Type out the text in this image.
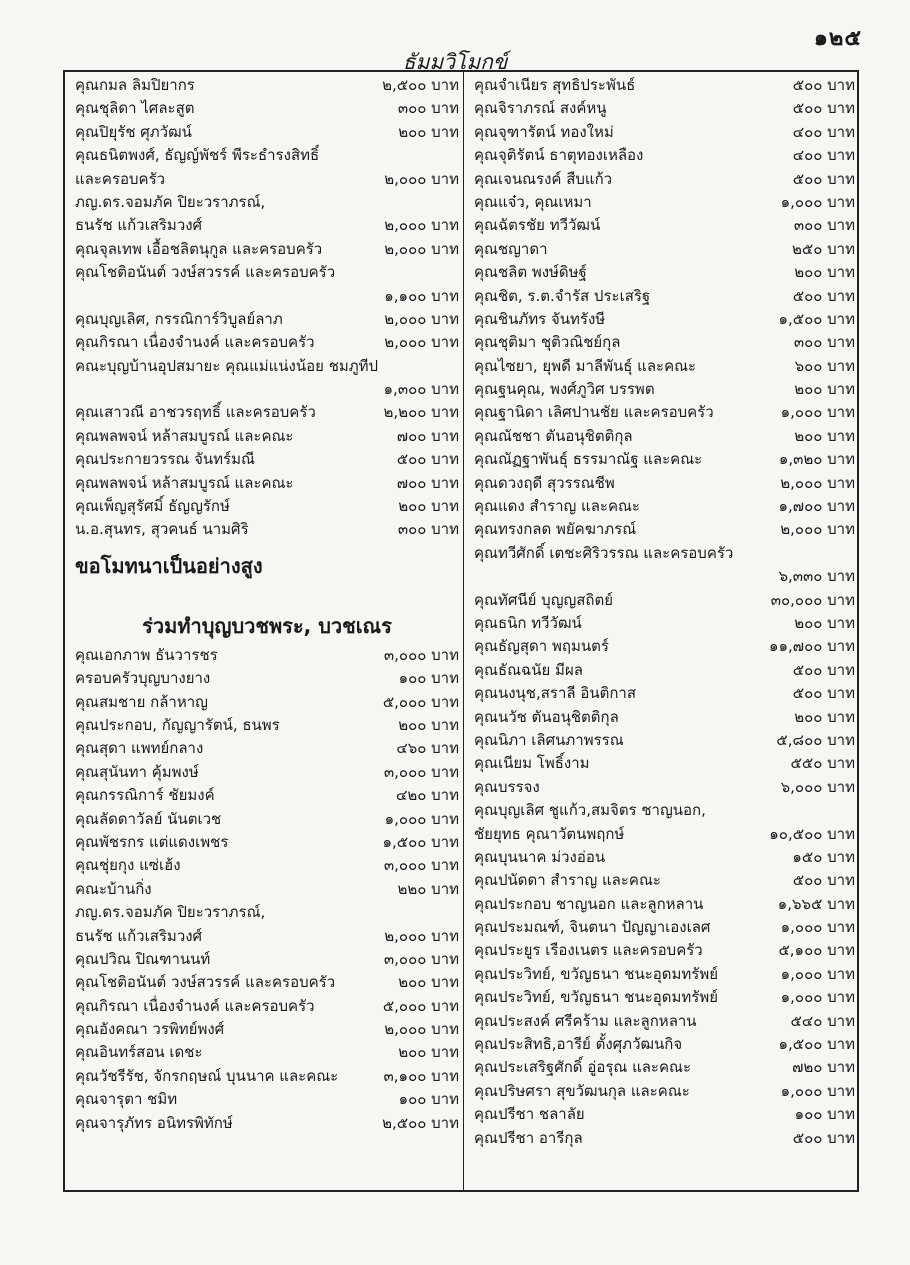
๑๒๕
ธัมมวิโมกข์
คุณกมล ลิมปิยากร	๒,๕๐๐ บาท
คุณชุลิดา ไศละสูต	๓๐๐ บาท
คุณปิยุรัช ศุภวัฒน์	๒๐๐ บาท
คุณธนิตพงศ์, ธัญญ์พัชร์ พีระธำรงสิทธิ์
และครอบครัว	๒,๐๐๐ บาท
ภญ.ดร.จอมภัค ปิยะวราภรณ์,
ธนรัช แก้วเสริมวงศ์	๒,๐๐๐ บาท
คุณจุลเทพ เอื้อชลิตนุกูล และครอบครัว	๒,๐๐๐ บาท
คุณโชติอนันต์ วงษ์สวรรค์ และครอบครัว
๑,๑๐๐ บาท
คุณบุญเลิศ, กรรณิการ์วิบูลย์ลาภ	๒,๐๐๐ บาท
คุณกิรณา เนื่องจำนงค์ และครอบครัว	๒,๐๐๐ บาท
คณะบุญบ้านอุปสมายะ คุณแม่แน่งน้อย ชมภูทีป
๑,๓๐๐ บาท
คุณเสาวณี อาชวรฤทธิ์ และครอบครัว	๒,๒๐๐ บาท
คุณพลพจน์ หล้าสมบูรณ์ และคณะ	๗๐๐ บาท
คุณประกายวรรณ จันทร์มณี	๕๐๐ บาท
คุณพลพจน์ หล้าสมบูรณ์ และคณะ	๗๐๐ บาท
คุณเพ็ญสุรัศมิ์ ธัญญรักษ์	๒๐๐ บาท
น.อ.สุนทร, สุวคนธ์ นามศิริ	๓๐๐ บาท
ขอโมทนาเป็นอย่างสูง
ร่วมทำบุญบวชพระ, บวชเณร
คุณเอกภาพ ธันวารชร	๓,๐๐๐ บาท
ครอบครัวบุญบางยาง	๑๐๐ บาท
คุณสมชาย กล้าหาญ	๕,๐๐๐ บาท
คุณประกอบ, กัญญารัตน์, ธนพร	๒๐๐ บาท
คุณสุดา แพทย์กลาง	๔๖๐ บาท
คุณสุนันทา คุ้มพงษ์	๓,๐๐๐ บาท
คุณกรรณิการ์ ชัยมงค์	๔๒๐ บาท
คุณลัดดาวัลย์ นันตเวช	๑,๐๐๐ บาท
คุณพัชรกร แต่แดงเพชร	๑,๕๐๐ บาท
คุณชุ่ยกุง แซ่เฮ้ง	๓,๐๐๐ บาท
คณะบ้านกิ่ง	๒๒๐ บาท
ภญ.ดร.จอมภัค ปิยะวราภรณ์,
ธนรัช แก้วเสริมวงศ์	๒,๐๐๐ บาท
คุณปวิณ ปิณฑานนท์	๓,๐๐๐ บาท
คุณโชติอนันต์ วงษ์สวรรค์ และครอบครัว	๒๐๐ บาท
คุณกิรณา เนื่องจำนงค์ และครอบครัว	๕,๐๐๐ บาท
คุณอังคณา วรพิทย์พงศ์	๒,๐๐๐ บาท
คุณอินทร์สอน เดชะ	๒๐๐ บาท
คุณวัชรีรัช, จักรกฤษณ์ บุนนาค และคณะ	๓,๑๐๐ บาท
คุณจารุตา ชมิท	๑๐๐ บาท
คุณจารุภัทร อนิทรพิทักษ์	๒,๕๐๐ บาท
คุณจำเนียร สุทธิประพันธ์	๕๐๐ บาท
คุณจิราภรณ์ สงค์หนู	๕๐๐ บาท
คุณจุฑารัตน์ ทองใหม่	๔๐๐ บาท
คุณจุติรัตน์ ธาตุทองเหลือง	๔๐๐ บาท
คุณเจนณรงค์ สืบแก้ว	๕๐๐ บาท
คุณแจ๋ว, คุณเหมา	๑,๐๐๐ บาท
คุณฉัตรชัย ทวีวัฒน์	๓๐๐ บาท
คุณชญาดา	๒๕๐ บาท
คุณชลิต พงษ์ดิษฐ์	๒๐๐ บาท
คุณชิต, ร.ต.จำรัส ประเสริฐ	๕๐๐ บาท
คุณชินภัทร จันทรังษี	๑,๕๐๐ บาท
คุณชุติมา ชุติวณิชย์กุล	๓๐๐ บาท
คุณไซยา, ยุพดี มาลีพันธุ์ และคณะ	๖๐๐ บาท
คุณฐนคุณ, พงศ์ภูวิศ บรรพต	๒๐๐ บาท
คุณฐานิดา เลิศปานชัย และครอบครัว	๑,๐๐๐ บาท
คุณณัชชา ตันอนุชิตติกุล	๒๐๐ บาท
คุณณัฏฐาพันธุ์ ธรรมาณัฐ และคณะ	๑,๓๒๐ บาท
คุณดวงฤดี สุวรรณชีพ	๒,๐๐๐ บาท
คุณแดง สำราญ และคณะ	๑,๗๐๐ บาท
คุณทรงกลด พยัคฆาภรณ์	๒,๐๐๐ บาท
คุณทวีศักดิ์ เตชะศิริวรรณ และครอบครัว
๖,๓๓๐ บาท
คุณทัศนีย์ บุญญสถิตย์	๓๐,๐๐๐ บาท
คุณธนิก ทวีวัฒน์	๒๐๐ บาท
คุณธัญสุดา พฤมนตร์	๑๑,๗๐๐ บาท
คุณธัณฉนัย มีผล	๕๐๐ บาท
คุณนงนุช,สราลี อินติกาส	๕๐๐ บาท
คุณนวัช ตันอนุชิตติกุล	๒๐๐ บาท
คุณนิภา เลิศนภาพรรณ	๕,๘๐๐ บาท
คุณเนียม โพธิ์งาม	๕๕๐ บาท
คุณบรรจง	๖,๐๐๐ บาท
คุณบุญเลิศ ชูแก้ว,สมจิตร ชาญนอก,
ชัยยุทธ คุณาวัตนพฤกษ์	๑๐,๕๐๐ บาท
คุณบุนนาค ม่วงอ่อน	๑๕๐ บาท
คุณปนัดดา สำราญ และคณะ	๕๐๐ บาท
คุณประกอบ ชาญนอก และลูกหลาน	๑,๖๖๕ บาท
คุณประมณฑ์, จินตนา ปัญญาเองเลศ	๑,๐๐๐ บาท
คุณประยูร เรืองเนตร และครอบครัว	๕,๑๐๐ บาท
คุณประวิทย์, ขวัญธนา ชนะอุดมทรัพย์	๑,๐๐๐ บาท
คุณประวิทย์, ขวัญธนา ชนะอุดมทรัพย์	๑,๐๐๐ บาท
คุณประสงค์ ศรีคร้าม และลูกหลาน	๕๔๐ บาท
คุณประสิทธิ,อารีย์ ตั้งศุภวัฒนกิจ	๑,๕๐๐ บาท
คุณประเสริฐศักดิ์ อู่อรุณ และคณะ	๗๒๐ บาท
คุณปริษศรา สุขวัฒนกุล และคณะ	๑,๐๐๐ บาท
คุณปรีชา ชลาลัย	๑๐๐ บาท
คุณปรีชา อารีกุล	๕๐๐ บาท
